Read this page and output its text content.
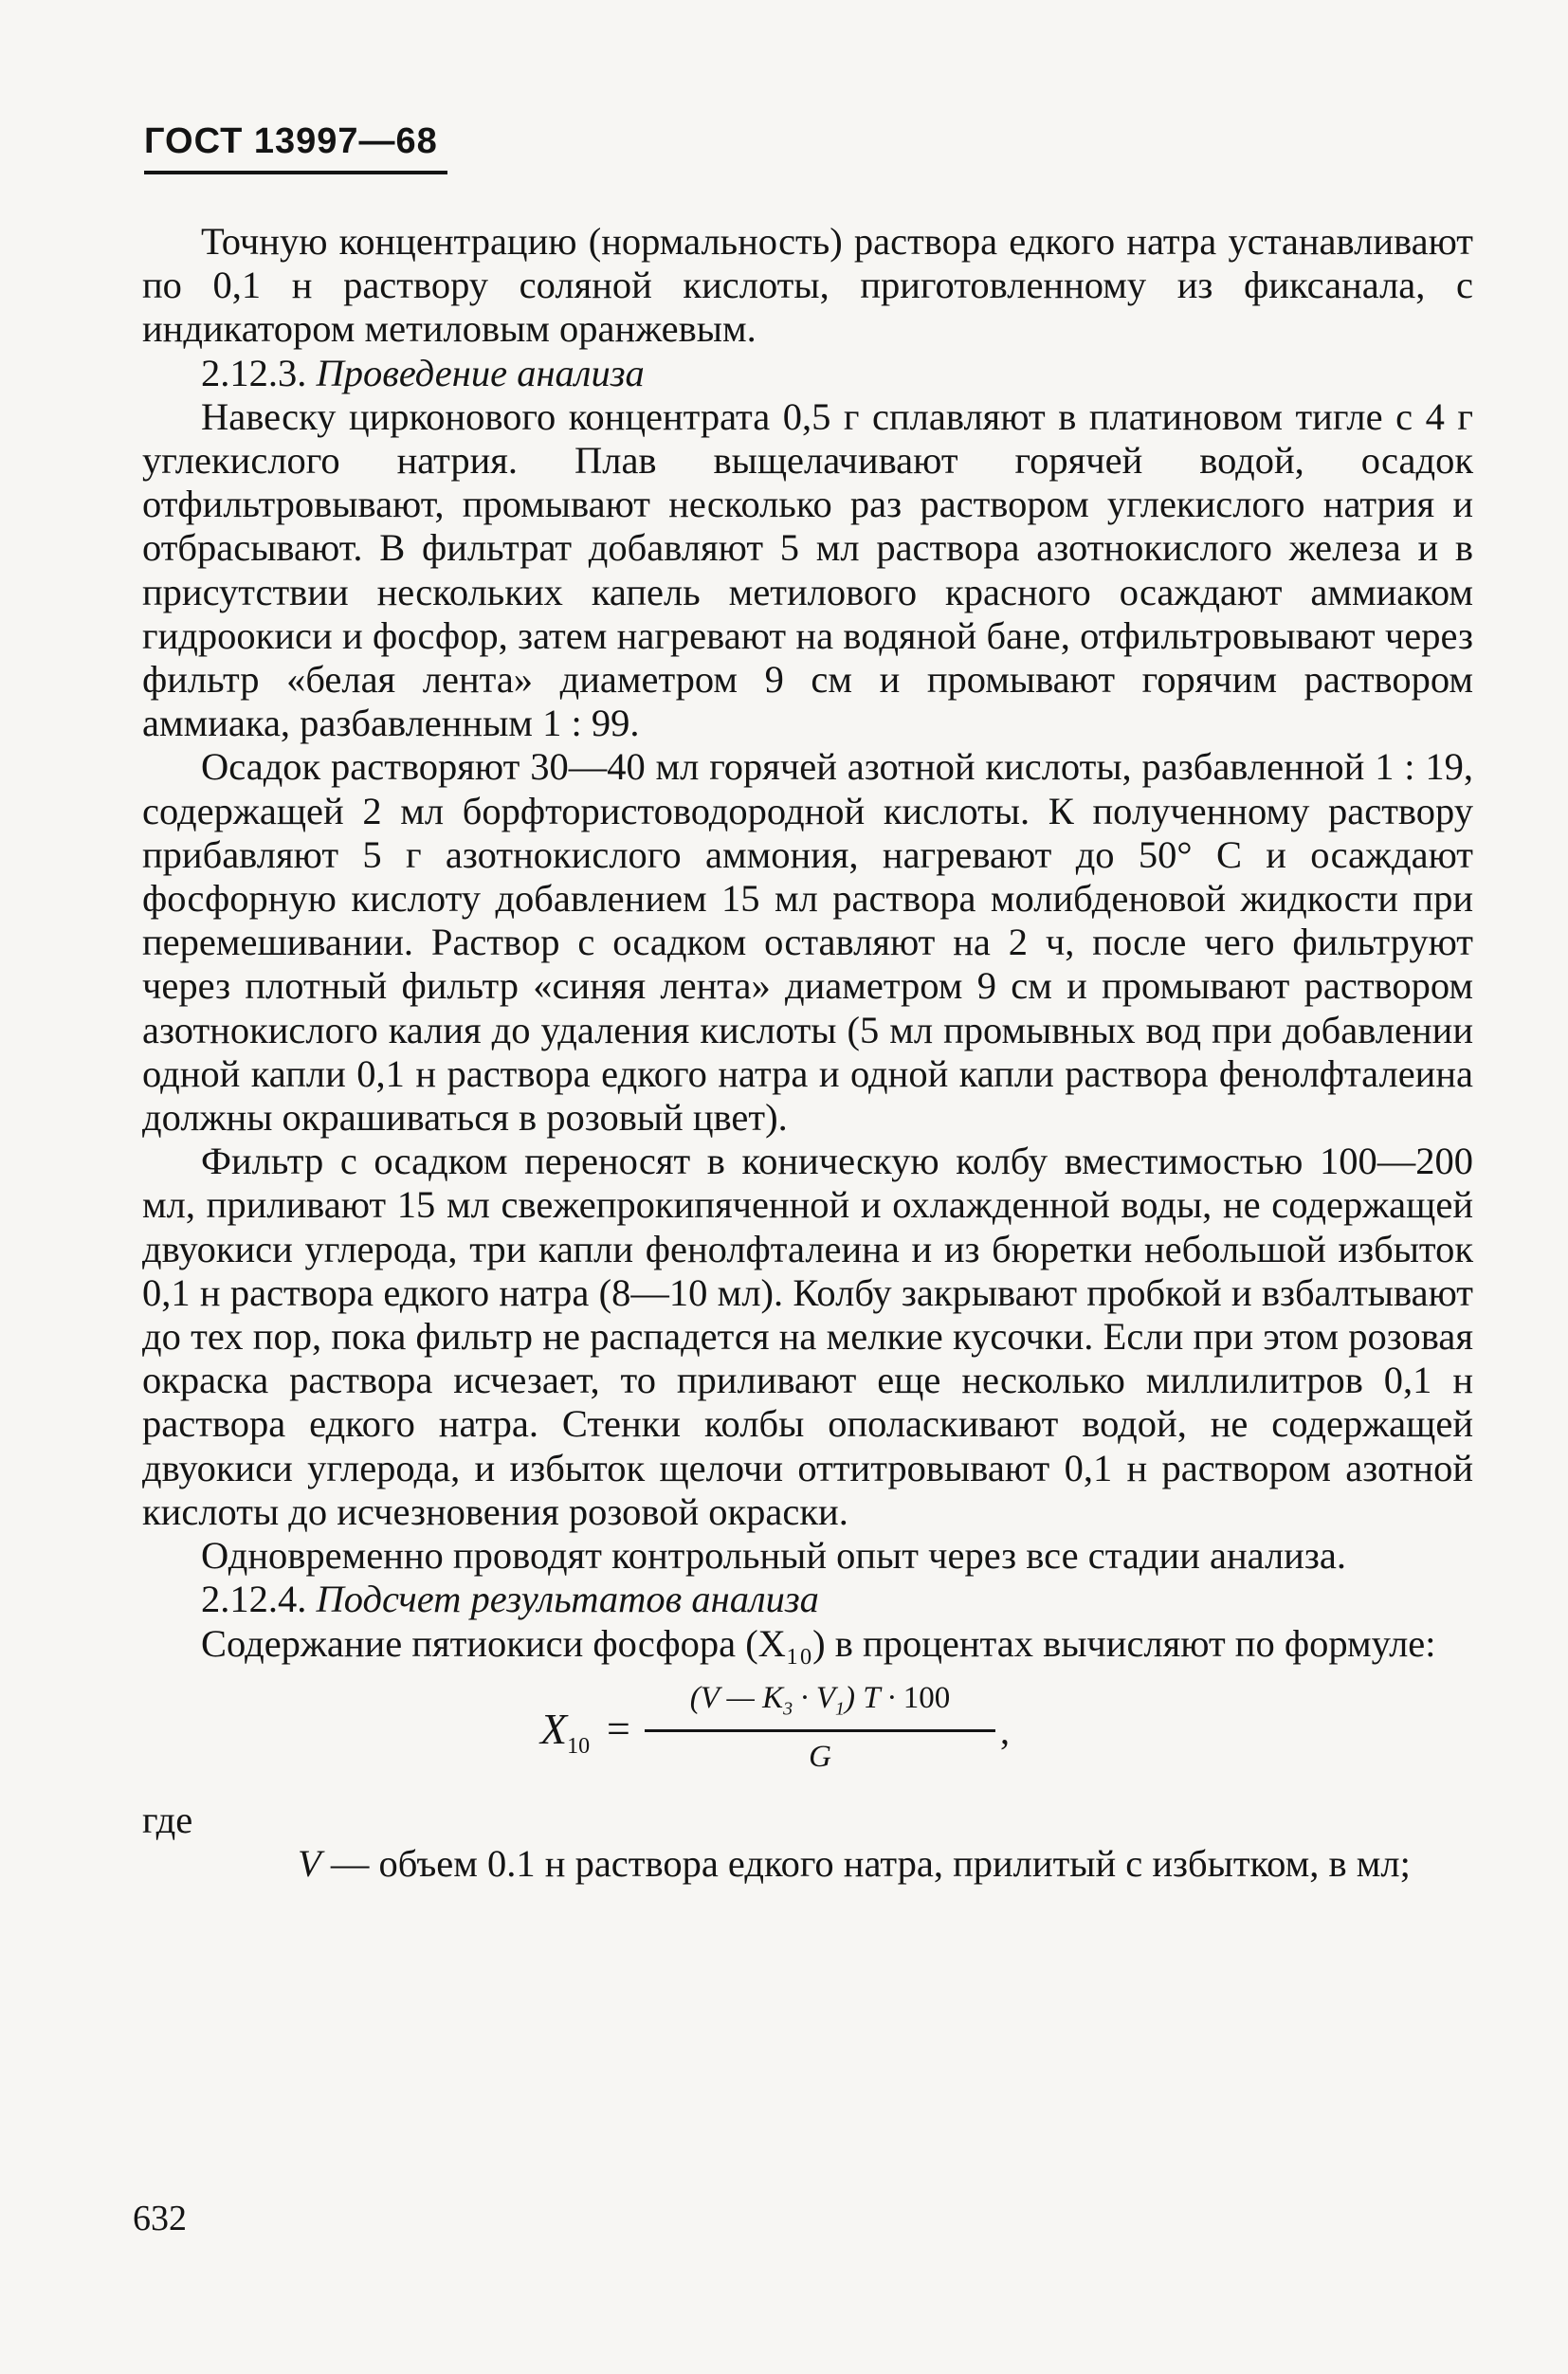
ГОСТ 13997—68

Точную концентрацию (нормальность) раствора едкого натра устанавливают по 0,1 н раствору соляной кислоты, приготовленному из фиксанала, с индикатором метиловым оранжевым.

2.12.3. Проведение анализа

Навеску цирконового концентрата 0,5 г сплавляют в платиновом тигле с 4 г углекислого натрия. Плав выщелачивают горячей водой, осадок отфильтровывают, промывают несколько раз раствором углекислого натрия и отбрасывают. В фильтрат добавляют 5 мл раствора азотнокислого железа и в присутствии нескольких капель метилового красного осаждают аммиаком гидроокиси и фосфор, затем нагревают на водяной бане, отфильтровывают через фильтр «белая лента» диаметром 9 см и промывают горячим раствором аммиака, разбавленным 1 : 99.

Осадок растворяют 30—40 мл горячей азотной кислоты, разбавленной 1 : 19, содержащей 2 мл борфтористоводородной кислоты. К полученному раствору прибавляют 5 г азотнокислого аммония, нагревают до 50° С и осаждают фосфорную кислоту добавлением 15 мл раствора молибденовой жидкости при перемешивании. Раствор с осадком оставляют на 2 ч, после чего фильтруют через плотный фильтр «синяя лента» диаметром 9 см и промывают раствором азотнокислого калия до удаления кислоты (5 мл промывных вод при добавлении одной капли 0,1 н раствора едкого натра и одной капли раствора фенолфталеина должны окрашиваться в розовый цвет).

Фильтр с осадком переносят в коническую колбу вместимостью 100—200 мл, приливают 15 мл свежепрокипяченной и охлажденной воды, не содержащей двуокиси углерода, три капли фенолфталеина и из бюретки небольшой избыток 0,1 н раствора едкого натра (8—10 мл). Колбу закрывают пробкой и взбалтывают до тех пор, пока фильтр не распадется на мелкие кусочки. Если при этом розовая окраска раствора исчезает, то приливают еще несколько миллилитров 0,1 н раствора едкого натра. Стенки колбы ополаскивают водой, не содержащей двуокиси углерода, и избыток щелочи оттитровывают 0,1 н раствором азотной кислоты до исчезновения розовой окраски.

Одновременно проводят контрольный опыт через все стадии анализа.

2.12.4. Подсчет результатов анализа

Содержание пятиокиси фосфора (X₁₀) в процентах вычисляют по формуле:

$X_{10}$ =
(V — $K_3 \cdot V_1$) T · 100
G
,

где

V — объем 0.1 н раствора едкого натра, прилитый с избытком, в мл;

632
